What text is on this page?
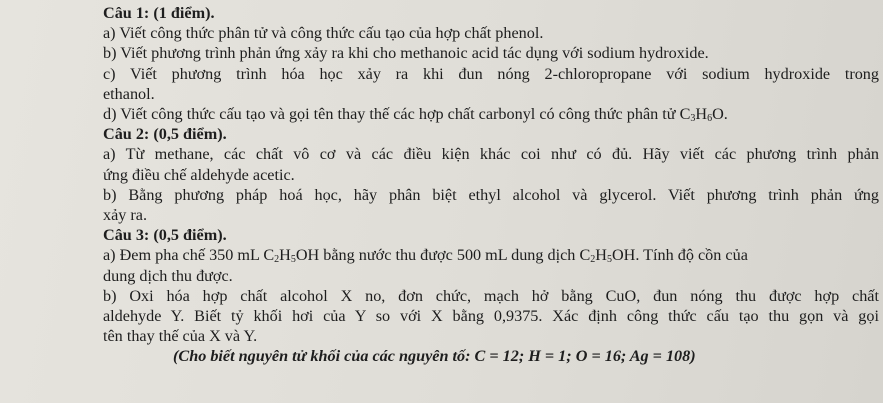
Câu 1: (1 điểm).
a) Viết công thức phân tử và công thức cấu tạo của hợp chất phenol.
b) Viết phương trình phản ứng xảy ra khi cho methanoic acid tác dụng với sodium hydroxide.
c) Viết phương trình hóa học xảy ra khi đun nóng 2-chloropropane với sodium hydroxide trong
ethanol.
d) Viết công thức cấu tạo và gọi tên thay thế các hợp chất carbonyl có công thức phân tử $C_3H_6O$.
Câu 2: (0,5 điểm).
a) Từ methane, các chất vô cơ và các điều kiện khác coi như có đủ. Hãy viết các phương trình phản
ứng điều chế aldehyde acetic.
b) Bằng phương pháp hoá học, hãy phân biệt ethyl alcohol và glycerol. Viết phương trình phản ứng
xảy ra.
Câu 3: (0,5 điểm).
a) Đem pha chế 350 mL $C_2H_5OH$ bằng nước thu được 500 mL dung dịch $C_2H_5OH$. Tính độ cồn của
dung dịch thu được.
b) Oxi hóa hợp chất alcohol X no, đơn chức, mạch hở bằng CuO, đun nóng thu được hợp chất
aldehyde Y. Biết tỷ khối hơi của Y so với X bằng 0,9375. Xác định công thức cấu tạo thu gọn và gọi
tên thay thế của X và Y.
(Cho biết nguyên tử khối của các nguyên tố: C = 12; H = 1; O = 16; Ag = 108)
